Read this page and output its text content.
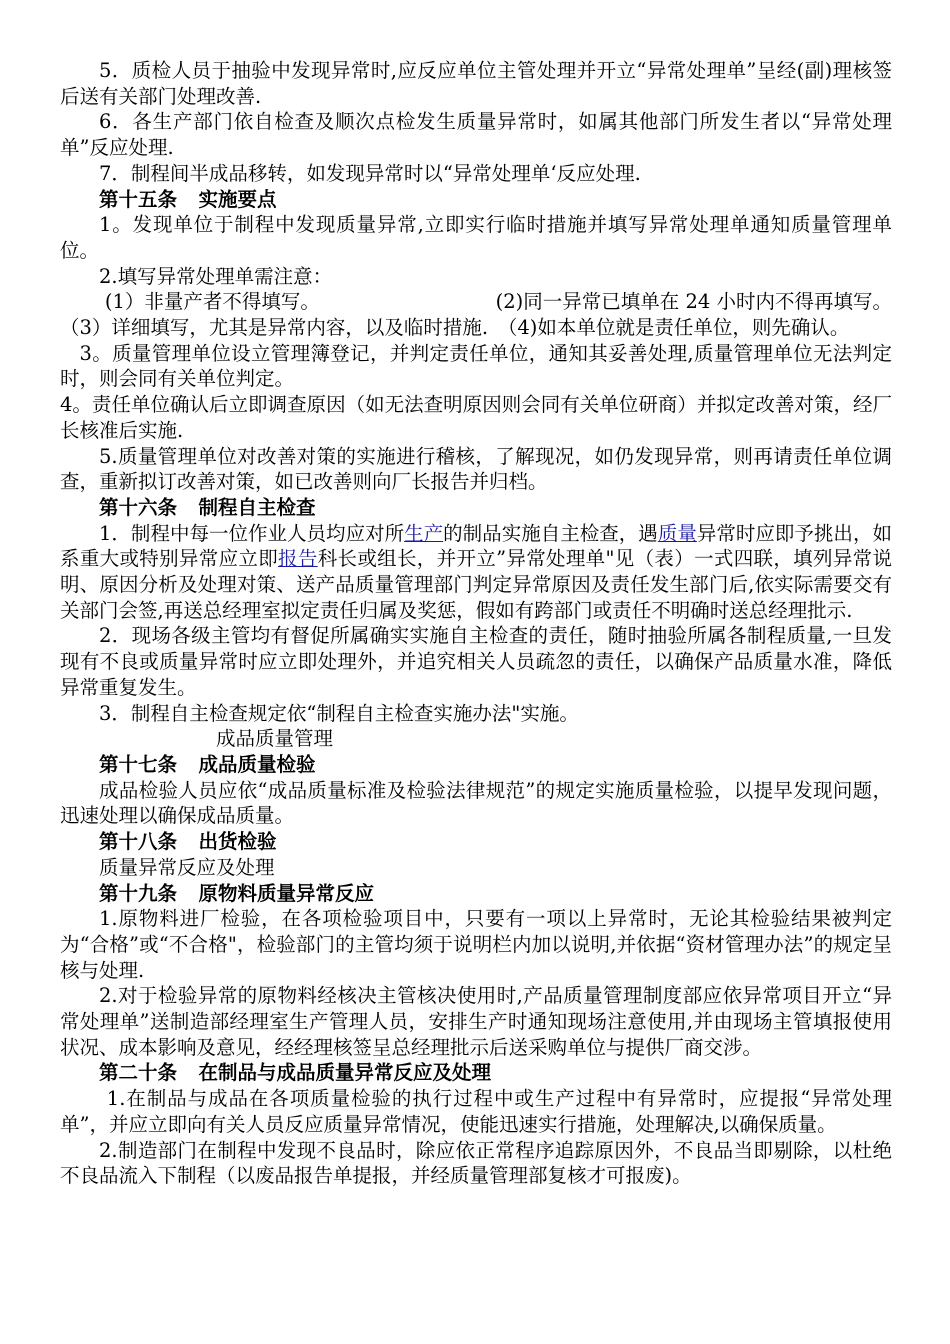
5．质检人员于抽验中发现异常时,应反应单位主管处理并开立“异常处理单”呈经(副)理核签后送有关部门处理改善.

6．各生产部门依自检查及顺次点检发生质量异常时，如属其他部门所发生者以“异常处理单”反应处理.

7．制程间半成品移转，如发现异常时以“异常处理单‘反应处理.

第十五条 实施要点

1。发现单位于制程中发现质量异常,立即实行临时措施并填写异常处理单通知质量管理单位。

2.填写异常处理单需注意：

(1）非量产者不得填写。	(2)同一异常已填单在 24 小时内不得再填写。

（3）详细填写，尤其是异常内容，以及临时措施.　（4)如本单位就是责任单位，则先确认。

3。质量管理单位设立管理簿登记，并判定责任单位，通知其妥善处理,质量管理单位无法判定时，则会同有关单位判定。

4。责任单位确认后立即调查原因（如无法查明原因则会同有关单位研商）并拟定改善对策，经厂长核准后实施.

5.质量管理单位对改善对策的实施进行稽核，了解现况，如仍发现异常，则再请责任单位调查，重新拟订改善对策，如已改善则向厂长报告并归档。

第十六条 制程自主检查

1．制程中每一位作业人员均应对所生产的制品实施自主检查，遇质量异常时应即予挑出，如系重大或特别异常应立即报告科长或组长，并开立”异常处理单"见（表）一式四联，填列异常说明、原因分析及处理对策、送产品质量管理部门判定异常原因及责任发生部门后,依实际需要交有关部门会签,再送总经理室拟定责任归属及奖惩，假如有跨部门或责任不明确时送总经理批示.

2．现场各级主管均有督促所属确实实施自主检查的责任，随时抽验所属各制程质量,一旦发现有不良或质量异常时应立即处理外，并追究相关人员疏忽的责任，以确保产品质量水准，降低异常重复发生。

3．制程自主检查规定依“制程自主检查实施办法"实施。

成品质量管理

第十七条 成品质量检验

成品检验人员应依“成品质量标准及检验法律规范”的规定实施质量检验，以提早发现问题，迅速处理以确保成品质量。

第十八条 出货检验

质量异常反应及处理

第十九条 原物料质量异常反应

1.原物料进厂检验，在各项检验项目中，只要有一项以上异常时，无论其检验结果被判定为“合格”或“不合格"，检验部门的主管均须于说明栏内加以说明,并依据“资材管理办法”的规定呈核与处理.

2.对于检验异常的原物料经核决主管核决使用时,产品质量管理制度部应依异常项目开立“异常处理单”送制造部经理室生产管理人员，安排生产时通知现场注意使用,并由现场主管填报使用状况、成本影响及意见，经经理核签呈总经理批示后送采购单位与提供厂商交涉。

第二十条 在制品与成品质量异常反应及处理

1.在制品与成品在各项质量检验的执行过程中或生产过程中有异常时，应提报“异常处理单”，并应立即向有关人员反应质量异常情况，使能迅速实行措施，处理解决,以确保质量。

2.制造部门在制程中发现不良品时，除应依正常程序追踪原因外，不良品当即剔除，以杜绝不良品流入下制程（以废品报告单提报，并经质量管理部复核才可报废)。
